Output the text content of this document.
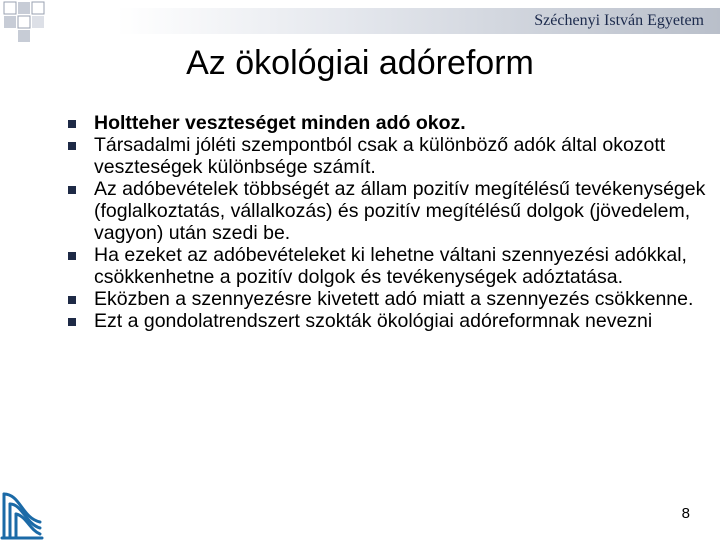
Széchenyi István Egyetem
Az ökológiai adóreform
Holtteher veszteséget minden adó okoz.
Társadalmi jóléti szempontból csak a különböző adók által okozott veszteségek különbsége számít.
Az adóbevételek többségét az állam pozitív megítélésű tevékenységek (foglalkoztatás, vállalkozás) és pozitív megítélésű dolgok (jövedelem, vagyon) után szedi be.
Ha ezeket az adóbevételeket ki lehetne váltani szennyezési adókkal, csökkenhetne a pozitív dolgok és tevékenységek adóztatása.
Eközben a szennyezésre kivetett adó miatt a szennyezés csökkenne.
Ezt a gondolatrendszert szokták ökológiai adóreformnak nevezni
8
